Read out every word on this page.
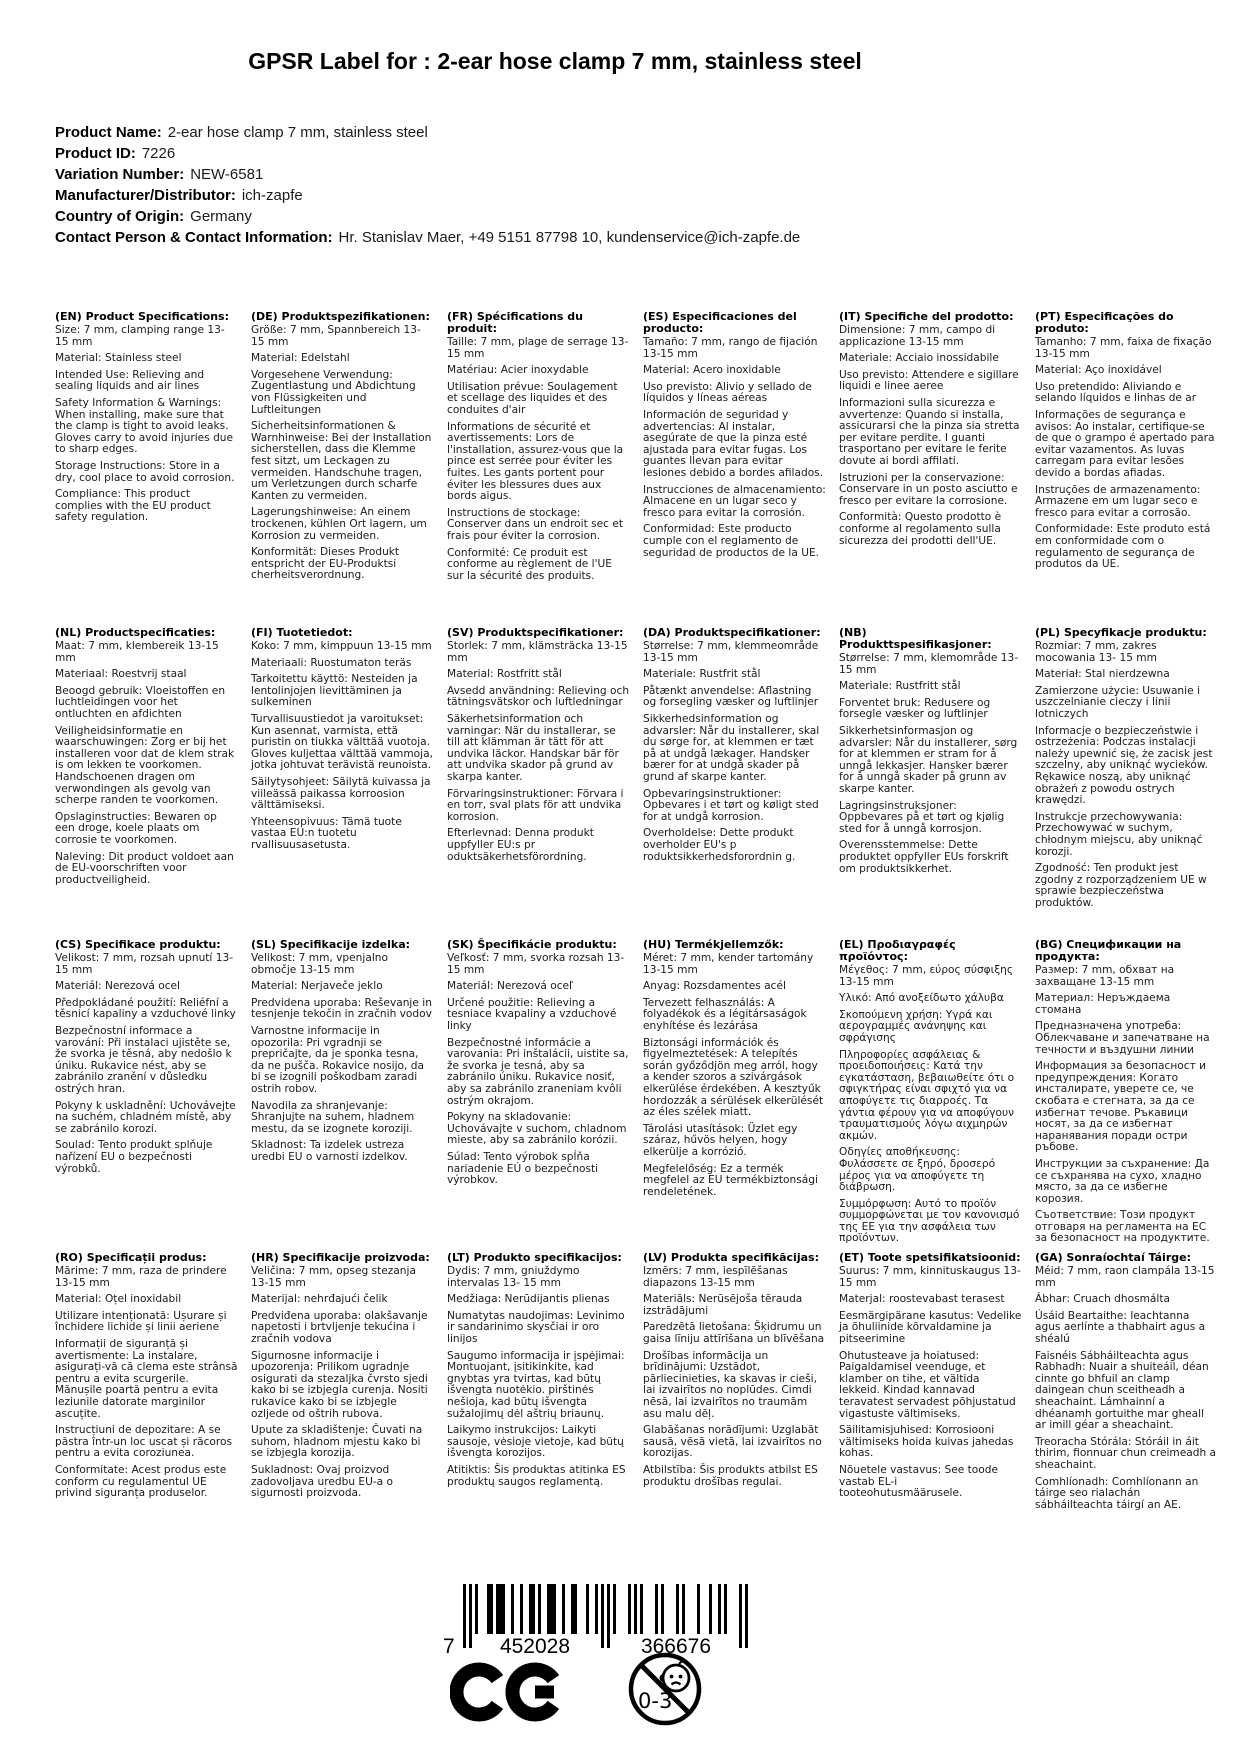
GPSR Label for : 2-ear hose clamp 7 mm, stainless steel
Product Name: 2-ear hose clamp 7 mm, stainless steel
Product ID: 7226
Variation Number: NEW-6581
Manufacturer/Distributor: ich-zapfe
Country of Origin: Germany
Contact Person & Contact Information: Hr. Stanislav Maer, +49 5151 87798 10, kundenservice@ich-zapfe.de
(EN) Product Specifications:

Size: 7 mm, clamping range 13-15 mm

Material: Stainless steel

Intended Use: Relieving and sealing liquids and air lines

Safety Information & Warnings: When installing, make sure that the clamp is tight to avoid leaks. Gloves carry to avoid injuries due to sharp edges.

Storage Instructions: Store in a dry, cool place to avoid corrosion.

Compliance: This product complies with the EU product safety regulation.

(DE) Produktspezifikationen:

Größe: 7 mm, Spannbereich 13-15 mm

Material: Edelstahl

Vorgesehene Verwendung: Zugentlastung und Abdichtung von Flüssigkeiten und Luftleitungen

Sicherheitsinformationen & Warnhinweise: Bei der Installation sicherstellen, dass die Klemme fest sitzt, um Leckagen zu vermeiden. Handschuhe tragen, um Verletzungen durch scharfe Kanten zu vermeiden.

Lagerungshinweise: An einem trockenen, kühlen Ort lagern, um Korrosion zu vermeiden.

Konformität: Dieses Produkt entspricht der EU-Produktsi cherheitsverordnung.

(FR) Spécifications du produit:

Taille: 7 mm, plage de serrage 13-15 mm

Matériau: Acier inoxydable

Utilisation prévue: Soulagement et scellage des liquides et des conduites d'air

Informations de sécurité et avertissements: Lors de l'installation, assurez-vous que la pince est serrée pour éviter les fuites. Les gants portent pour éviter les blessures dues aux bords aigus.

Instructions de stockage: Conserver dans un endroit sec et frais pour éviter la corrosion.

Conformité: Ce produit est conforme au règlement de l'UE sur la sécurité des produits.

(ES) Especificaciones del producto:

Tamaño: 7 mm, rango de fijación 13-15 mm

Material: Acero inoxidable

Uso previsto: Alivio y sellado de líquidos y líneas aéreas

Información de seguridad y advertencias: Al instalar, asegúrate de que la pinza esté ajustada para evitar fugas. Los guantes llevan para evitar lesiones debido a bordes afilados.

Instrucciones de almacenamiento: Almacene en un lugar seco y fresco para evitar la corrosión.

Conformidad: Este producto cumple con el reglamento de seguridad de productos de la UE.

(IT) Specifiche del prodotto:

Dimensione: 7 mm, campo di applicazione 13-15 mm

Materiale: Acciaio inossidabile

Uso previsto: Attendere e sigillare liquidi e linee aeree

Informazioni sulla sicurezza e avvertenze: Quando si installa, assicurarsi che la pinza sia stretta per evitare perdite. I guanti trasportano per evitare le ferite dovute ai bordi affilati.

Istruzioni per la conservazione: Conservare in un posto asciutto e fresco per evitare la corrosione.

Conformità: Questo prodotto è conforme al regolamento sulla sicurezza dei prodotti dell'UE.

(PT) Especificações do produto:

Tamanho: 7 mm, faixa de fixação 13-15 mm

Material: Aço inoxidável

Uso pretendido: Aliviando e selando líquidos e linhas de ar

Informações de segurança e avisos: Ao instalar, certifique-se de que o grampo é apertado para evitar vazamentos. As luvas carregam para evitar lesões devido a bordas afiadas.

Instruções de armazenamento: Armazene em um lugar seco e fresco para evitar a corrosão.

Conformidade: Este produto está em conformidade com o regulamento de segurança de produtos da UE.

(NL) Productspecificaties:

Maat: 7 mm, klembereik 13-15 mm

Materiaal: Roestvrij staal

Beoogd gebruik: Vloeistoffen en luchtleidingen voor het ontluchten en afdichten

Veiligheidsinformatie en waarschuwingen: Zorg er bij het installeren voor dat de klem strak is om lekken te voorkomen. Handschoenen dragen om verwondingen als gevolg van scherpe randen te voorkomen.

Opslaginstructies: Bewaren op een droge, koele plaats om corrosie te voorkomen.

Naleving: Dit product voldoet aan de EU-voorschriften voor productveiligheid.

(FI) Tuotetiedot:

Koko: 7 mm, kimppuun 13-15 mm

Materiaali: Ruostumaton teräs

Tarkoitettu käyttö: Nesteiden ja lentolinjojen lievittäminen ja sulkeminen

Turvallisuustiedot ja varoitukset: Kun asennat, varmista, että puristin on tiukka välttää vuotoja. Gloves kuljettaa välttää vammoja, jotka johtuvat terävistä reunoista.

Säilytysohjeet: Säilytä kuivassa ja viileässä paikassa korroosion välttämiseksi.

Yhteensopivuus: Tämä tuote vastaa EU:n tuotetu rvallisuusasetusta.

(SV) Produktspecifikationer:

Storlek: 7 mm, klämsträcka 13-15 mm

Material: Rostfritt stål

Avsedd användning: Relieving och tätningsvätskor och luftledningar

Säkerhetsinformation och varningar: När du installerar, se till att klämman är tätt för att undvika läckor. Handskar bär för att undvika skador på grund av skarpa kanter.

Förvaringsinstruktioner: Förvara i en torr, sval plats för att undvika korrosion.

Efterlevnad: Denna produkt uppfyller EU:s pr oduktsäkerhetsförordning.

(DA) Produktspecifikationer:

Størrelse: 7 mm, klemmeområde 13-15 mm

Materiale: Rustfrit stål

Påtænkt anvendelse: Aflastning og forsegling væsker og luftlinjer

Sikkerhedsinformation og advarsler: Når du installerer, skal du sørge for, at klemmen er tæt på at undgå lækager. Handsker bærer for at undgå skader på grund af skarpe kanter.

Opbevaringsinstruktioner: Opbevares i et tørt og køligt sted for at undgå korrosion.

Overholdelse: Dette produkt overholder EU's p roduktsikkerhedsforordnin g.

(NB) Produkttspesifikasjoner:

Størrelse: 7 mm, klemområde 13-15 mm

Materiale: Rustfritt stål

Forventet bruk: Redusere og forsegle væsker og luftlinjer

Sikkerhetsinformasjon og advarsler: Når du installerer, sørg for at klemmen er stram for å unngå lekkasjer. Hansker bærer for å unngå skader på grunn av skarpe kanter.

Lagringsinstruksjoner: Oppbevares på et tørt og kjølig sted for å unngå korrosjon.

Overensstemmelse: Dette produktet oppfyller EUs forskrift om produktsikkerhet.

(PL) Specyfikacje produktu:

Rozmiar: 7 mm, zakres mocowania 13- 15 mm

Materiał: Stal nierdzewna

Zamierzone użycie: Usuwanie i uszczelnianie cieczy i linii lotniczych

Informacje o bezpieczeństwie i ostrzeżenia: Podczas instalacji należy upewnić się, że zacisk jest szczelny, aby uniknąć wycieków. Rękawice noszą, aby uniknąć obrażeń z powodu ostrych krawędzi.

Instrukcje przechowywania: Przechowywać w suchym, chłodnym miejscu, aby uniknąć korozji.

Zgodność: Ten produkt jest zgodny z rozporządzeniem UE w sprawie bezpieczeństwa produktów.

(CS) Specifikace produktu:

Velikost: 7 mm, rozsah upnutí 13-15 mm

Materiál: Nerezová ocel

Předpokládané použití: Reliéfní a těsnicí kapaliny a vzduchové linky

Bezpečnostní informace a varování: Při instalaci ujistěte se, že svorka je těsná, aby nedošlo k úniku. Rukavice nést, aby se zabránilo zranění v důsledku ostrých hran.

Pokyny k uskladnění: Uchovávejte na suchém, chladném místě, aby se zabránilo korozi.

Soulad: Tento produkt splňuje nařízení EU o bezpečnosti výrobků.

(SL) Specifikacije izdelka:

Velikost: 7 mm, vpenjalno območje 13-15 mm

Material: Nerjaveče jeklo

Predvidena uporaba: Reševanje in tesnjenje tekočin in zračnih vodov

Varnostne informacije in opozorila: Pri vgradnji se prepričajte, da je sponka tesna, da ne pušča. Rokavice nosijo, da bi se izognili poškodbam zaradi ostrih robov.

Navodila za shranjevanje: Shranjujte na suhem, hladnem mestu, da se izognete koroziji.

Skladnost: Ta izdelek ustreza uredbi EU o varnosti izdelkov.

(SK) Špecifikácie produktu:

Veľkosť: 7 mm, svorka rozsah 13-15 mm

Materiál: Nerezová oceľ

Určené použitie: Relieving a tesniace kvapaliny a vzduchové linky

Bezpečnostné informácie a varovania: Pri inštalácii, uistite sa, že svorka je tesná, aby sa zabránilo úniku. Rukavice nosiť, aby sa zabránilo zraneniam kvôli ostrým okrajom.

Pokyny na skladovanie: Uchovávajte v suchom, chladnom mieste, aby sa zabránilo korózii.

Súlad: Tento výrobok spĺňa nariadenie EÚ o bezpečnosti výrobkov.

(HU) Termékjellemzők:

Méret: 7 mm, kender tartomány 13-15 mm

Anyag: Rozsdamentes acél

Tervezett felhasználás: A folyadékok és a légitársaságok enyhítése és lezárása

Biztonsági információk és figyelmeztetések: A telepítés során győződjön meg arról, hogy a kender szoros a szivárgások elkerülése érdekében. A kesztyűk hordozzák a sérülések elkerülését az éles szélek miatt.

Tárolási utasítások: Üzlet egy száraz, hűvös helyen, hogy elkerülje a korrózió.

Megfelelőség: Ez a termék megfelel az EU termékbiztonsági rendeletének.

(EL) Προδιαγραφές προϊόντος:

Μέγεθος: 7 mm, εύρος σύσφιξης 13-15 mm

Υλικό: Από ανοξείδωτο χάλυβα

Σκοπούμενη χρήση: Υγρά και αερογραμμές ανάνηψης και σφράγισης

Πληροφορίες ασφάλειας & προειδοποιήσεις: Κατά την εγκατάσταση, βεβαιωθείτε ότι ο σφιγκτήρας είναι σφιχτό για να αποφύγετε τις διαρροές. Τα γάντια φέρουν για να αποφύγουν τραυματισμούς λόγω αιχμηρών ακμών.

Οδηγίες αποθήκευσης: Φυλάσσετε σε ξηρό, δροσερό μέρος για να αποφύγετε τη διάβρωση.

Συμμόρφωση: Αυτό το προϊόν συμμορφώνεται με τον κανονισμό της ΕΕ για την ασφάλεια των προϊόντων.

(BG) Спецификации на продукта:

Размер: 7 mm, обхват на захващане 13-15 mm

Материал: Неръждаема стомана

Предназначена употреба: Облекчаване и запечатване на течности и въздушни линии

Информация за безопасност и предупреждения: Когато инсталирате, уверете се, че скобата е стегната, за да се избегнат течове. Ръкавици носят, за да се избегнат наранявания поради остри ръбове.

Инструкции за съхранение: Да се съхранява на сухо, хладно място, за да се избегне корозия.

Съответствие: Този продукт отговаря на регламента на ЕС за безопасност на продуктите.

(RO) Specificații produs:

Mărime: 7 mm, raza de prindere 13-15 mm

Material: Oțel inoxidabil

Utilizare intenționată: Ușurare și închidere lichide și linii aeriene

Informații de siguranță și avertismente: La instalare, asigurați-vă că clema este strânsă pentru a evita scurgerile. Mănușile poartă pentru a evita leziunile datorate marginilor ascuțite.

Instrucțiuni de depozitare: A se păstra într-un loc uscat și răcoros pentru a evita coroziunea.

Conformitate: Acest produs este conform cu regulamentul UE privind siguranța produselor.

(HR) Specifikacije proizvoda:

Veličina: 7 mm, opseg stezanja 13-15 mm

Materijal: nehrđajući čelik

Predviđena uporaba: olakšavanje napetosti i brtvljenje tekućina i zračnih vodova

Sigurnosne informacije i upozorenja: Prilikom ugradnje osigurati da stezaljka čvrsto sjedi kako bi se izbjegla curenja. Nositi rukavice kako bi se izbjegle ozljede od oštrih rubova.

Upute za skladištenje: Čuvati na suhom, hladnom mjestu kako bi se izbjegla korozija.

Sukladnost: Ovaj proizvod zadovoljava uredbu EU-a o sigurnosti proizvoda.

(LT) Produkto specifikacijos:

Dydis: 7 mm, gniuždymo intervalas 13- 15 mm

Medžiaga: Nerūdijantis plienas

Numatytas naudojimas: Levinimo ir sandarinimo skysčiai ir oro linijos

Saugumo informacija ir įspėjimai: Montuojant, įsitikinkite, kad gnybtas yra tvirtas, kad būtų išvengta nuotėkio. pirštinės nešioja, kad būtų išvengta sužalojimų dėl aštrių briaunų.

Laikymo instrukcijos: Laikyti sausoje, vėsioje vietoje, kad būtų išvengta korozijos.

Atitiktis: Šis produktas atitinka ES produktų saugos reglamentą.

(LV) Produkta specifikācijas:

Izmērs: 7 mm, iespīlēšanas diapazons 13-15 mm

Materiāls: Nerūsējoša tērauda izstrādājumi

Paredzētā lietošana: Šķidrumu un gaisa līniju attīrīšana un blīvēšana

Drošības informācija un brīdinājumi: Uzstādot, pārliecinieties, ka skavas ir cieši, lai izvairītos no noplūdes. Cimdi nēsā, lai izvairītos no traumām asu malu dēļ.

Glabāšanas norādījumi: Uzglabāt sausā, vēsā vietā, lai izvairītos no korozijas.

Atbilstība: Šis produkts atbilst ES produktu drošības regulai.

(ET) Toote spetsifikatsioonid:

Suurus: 7 mm, kinnituskaugus 13-15 mm

Materjal: roostevabast terasest

Eesmärgipärane kasutus: Vedelike ja õhuliinide kõrvaldamine ja pitseerimine

Ohutusteave ja hoiatused: Paigaldamisel veenduge, et klamber on tihe, et vältida lekkeid. Kindad kannavad teravatest servadest põhjustatud vigastuste vältimiseks.

Säilitamisjuhised: Korrosiooni vältimiseks hoida kuivas jahedas kohas.

Nõuetele vastavus: See toode vastab EL-i tooteohutusmäärusele.

(GA) Sonraíochtaí Táirge:

Méid: 7 mm, raon clampála 13-15 mm

Ábhar: Cruach dhosmálta

Úsáid Beartaithe: leachtanna agus aerlínte a thabhairt agus a shéalú

Faisnéis Sábháilteachta agus Rabhadh: Nuair a shuiteáil, déan cinnte go bhfuil an clamp daingean chun sceitheadh a sheachaint. Lámhainní a dhéanamh gortuithe mar gheall ar imill géar a sheachaint.

Treoracha Stórála: Stóráil in áit thirim, fionnuar chun creimeadh a sheachaint.

Comhlíonadh: Comhlíonann an táirge seo rialachán sábháilteachta táirgí an AE.

7 452028	366676
0-3
